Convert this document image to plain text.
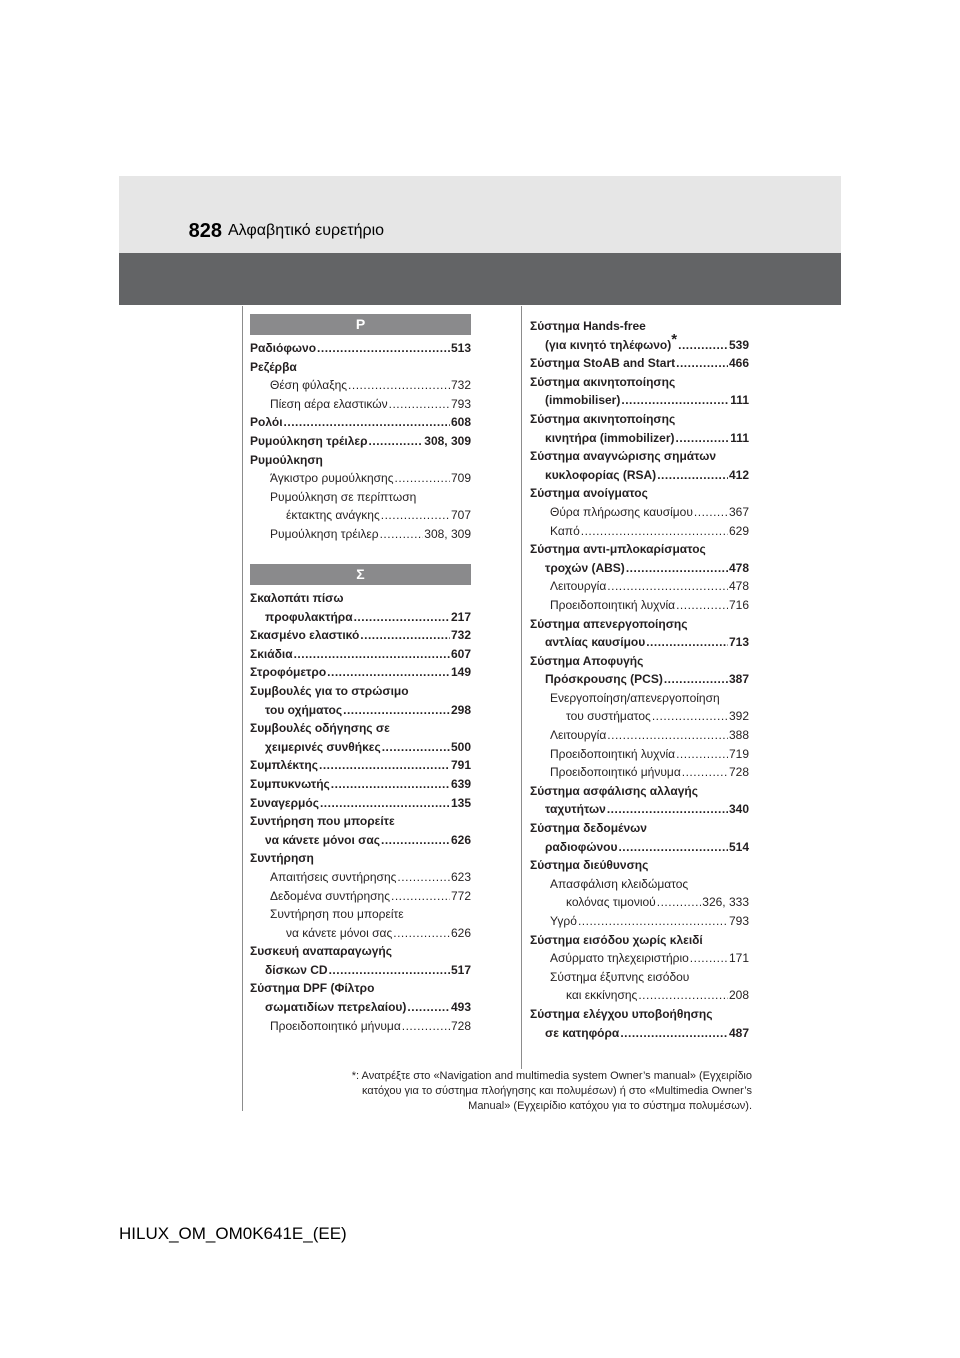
828 Αλφαβητικό ευρετήριο
Ρ
Ραδιόφωνο .....	513
Ρεζέρβα
Θέση φύλαξης .....	732
Πίεση αέρα ελαστικών .....	793
Ρολόι .....	608
Ρυμούλκηση τρέιλερ .....	308, 309
Ρυμούλκηση
Άγκιστρο ρυμούλκησης .....	709
Ρυμούλκηση σε περίπτωση
έκτακτης ανάγκης .....	707
Ρυμούλκηση τρέιλερ .....	308, 309
Σ
Σκαλοπάτι πίσω
προφυλακτήρα .....	217
Σκασμένο ελαστικό .....	732
Σκιάδια .....	607
Στροφόμετρο .....	149
Συμβουλές για το στρώσιμο
του οχήματος .....	298
Συμβουλές οδήγησης σε
χειμερινές συνθήκες .....	500
Συμπλέκτης .....	791
Συμπυκνωτής .....	639
Συναγερμός .....	135
Συντήρηση που μπορείτε
να κάνετε μόνοι σας .....	626
Συντήρηση
Απαιτήσεις συντήρησης .....	623
Δεδομένα συντήρησης .....	772
Συντήρηση που μπορείτε
να κάνετε μόνοι σας .....	626
Συσκευή αναπαραγωγής
δίσκων CD .....	517
Σύστημα DPF (Φίλτρο
σωματιδίων πετρελαίου) .....	493
Προειδοποιητικό μήνυμα .....	728
Σύστημα Hands-free
(για κινητό τηλέφωνο) * .....	539
Σύστημα StoAB and Start .....	466
Σύστημα ακινητοποίησης
(immobiliser) .....	111
Σύστημα ακινητοποίησης
κινητήρα (immobilizer) .....	111
Σύστημα αναγνώρισης σημάτων
κυκλοφορίας (RSA) .....	412
Σύστημα ανοίγματος
Θύρα πλήρωσης καυσίμου .....	367
Καπό .....	629
Σύστημα αντι-μπλοκαρίσματος
τροχών (ABS) .....	478
Λειτουργία .....	478
Προειδοποιητική λυχνία .....	716
Σύστημα απενεργοποίησης
αντλίας καυσίμου .....	713
Σύστημα Αποφυγής
Πρόσκρουσης (PCS) .....	387
Ενεργοποίηση/απενεργοποίηση
του συστήματος .....	392
Λειτουργία .....	388
Προειδοποιητική λυχνία .....	719
Προειδοποιητικό μήνυμα .....	728
Σύστημα ασφάλισης αλλαγής
ταχυτήτων .....	340
Σύστημα δεδομένων
ραδιοφώνου .....	514
Σύστημα διεύθυνσης
Απασφάλιση κλειδώματος
κολόνας τιμονιού .....	326, 333
Υγρό .....	793
Σύστημα εισόδου χωρίς κλειδί
Ασύρματο τηλεχειριστήριο .....	171
Σύστημα έξυπνης εισόδου
και εκκίνησης .....	208
Σύστημα ελέγχου υποβοήθησης
σε κατηφόρα .....	487
*: Ανατρέξτε στο «Navigation and multimedia system Owner’s manual» (Εγχειρίδιο
κατόχου για το σύστημα πλοήγησης και πολυμέσων) ή στο «Multimedia Owner’s
Manual» (Εγχειρίδιο κατόχου για το σύστημα πολυμέσων).
HILUX_OM_OM0K641E_(EE)
